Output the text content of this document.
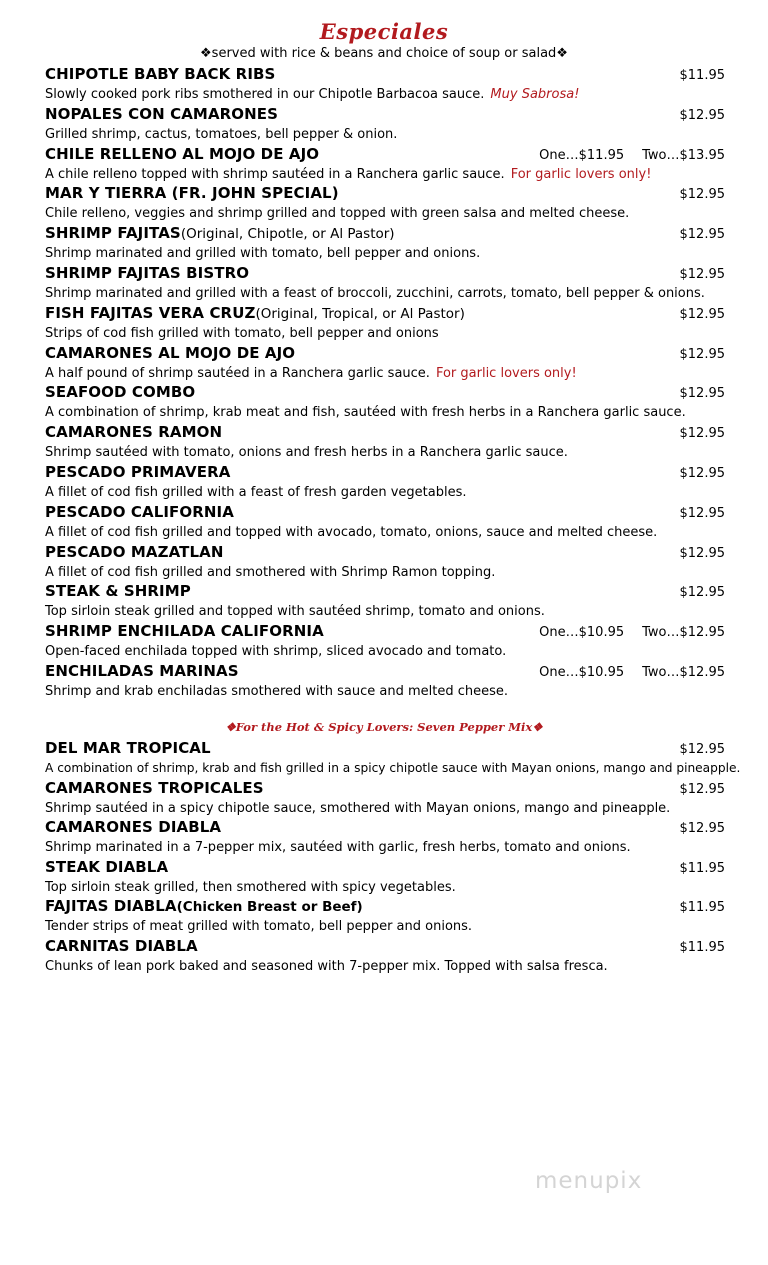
Especiales
❖served with rice & beans and choice of soup or salad❖
CHIPOTLE BABY BACK RIBS	$11.95
Slowly cooked pork ribs smothered in our Chipotle Barbacoa sauce. Muy Sabrosa!
NOPALES CON CAMARONES	$12.95
Grilled shrimp, cactus, tomatoes, bell pepper & onion.
CHILE RELLENO AL MOJO DE AJO	One…$11.95 Two…$13.95
A chile relleno topped with shrimp sautéed in a Ranchera garlic sauce. For garlic lovers only!
MAR Y TIERRA (FR. JOHN SPECIAL)	$12.95
Chile relleno, veggies and shrimp grilled and topped with green salsa and melted cheese.
SHRIMP FAJITAS (Original, Chipotle, or Al Pastor)	$12.95
Shrimp marinated and grilled with tomato, bell pepper and onions.
SHRIMP FAJITAS BISTRO	$12.95
Shrimp marinated and grilled with a feast of broccoli, zucchini, carrots, tomato, bell pepper & onions.
FISH FAJITAS VERA CRUZ (Original, Tropical, or Al Pastor)	$12.95
Strips of cod fish grilled with tomato, bell pepper and onions
CAMARONES AL MOJO DE AJO	$12.95
A half pound of shrimp sautéed in a Ranchera garlic sauce. For garlic lovers only!
SEAFOOD COMBO	$12.95
A combination of shrimp, krab meat and fish, sautéed with fresh herbs in a Ranchera garlic sauce.
CAMARONES RAMON	$12.95
Shrimp sautéed with tomato, onions and fresh herbs in a Ranchera garlic sauce.
PESCADO PRIMAVERA	$12.95
A fillet of cod fish grilled with a feast of fresh garden vegetables.
PESCADO CALIFORNIA	$12.95
A fillet of cod fish grilled and topped with avocado, tomato, onions, sauce and melted cheese.
PESCADO MAZATLAN	$12.95
A fillet of cod fish grilled and smothered with Shrimp Ramon topping.
STEAK & SHRIMP	$12.95
Top sirloin steak grilled and topped with sautéed shrimp, tomato and onions.
SHRIMP ENCHILADA CALIFORNIA	One…$10.95 Two…$12.95
Open-faced enchilada topped with shrimp, sliced avocado and tomato.
ENCHILADAS MARINAS	One…$10.95 Two…$12.95
Shrimp and krab enchiladas smothered with sauce and melted cheese.
❖For the Hot & Spicy Lovers: Seven Pepper Mix❖
DEL MAR TROPICAL	$12.95
A combination of shrimp, krab and fish grilled in a spicy chipotle sauce with Mayan onions, mango and pineapple.
CAMARONES TROPICALES	$12.95
Shrimp sautéed in a spicy chipotle sauce, smothered with Mayan onions, mango and pineapple.
CAMARONES DIABLA	$12.95
Shrimp marinated in a 7-pepper mix, sautéed with garlic, fresh herbs, tomato and onions.
STEAK DIABLA	$11.95
Top sirloin steak grilled, then smothered with spicy vegetables.
FAJITAS DIABLA (Chicken Breast or Beef)	$11.95
Tender strips of meat grilled with tomato, bell pepper and onions.
CARNITAS DIABLA	$11.95
Chunks of lean pork baked and seasoned with 7-pepper mix. Topped with salsa fresca.
menupix
